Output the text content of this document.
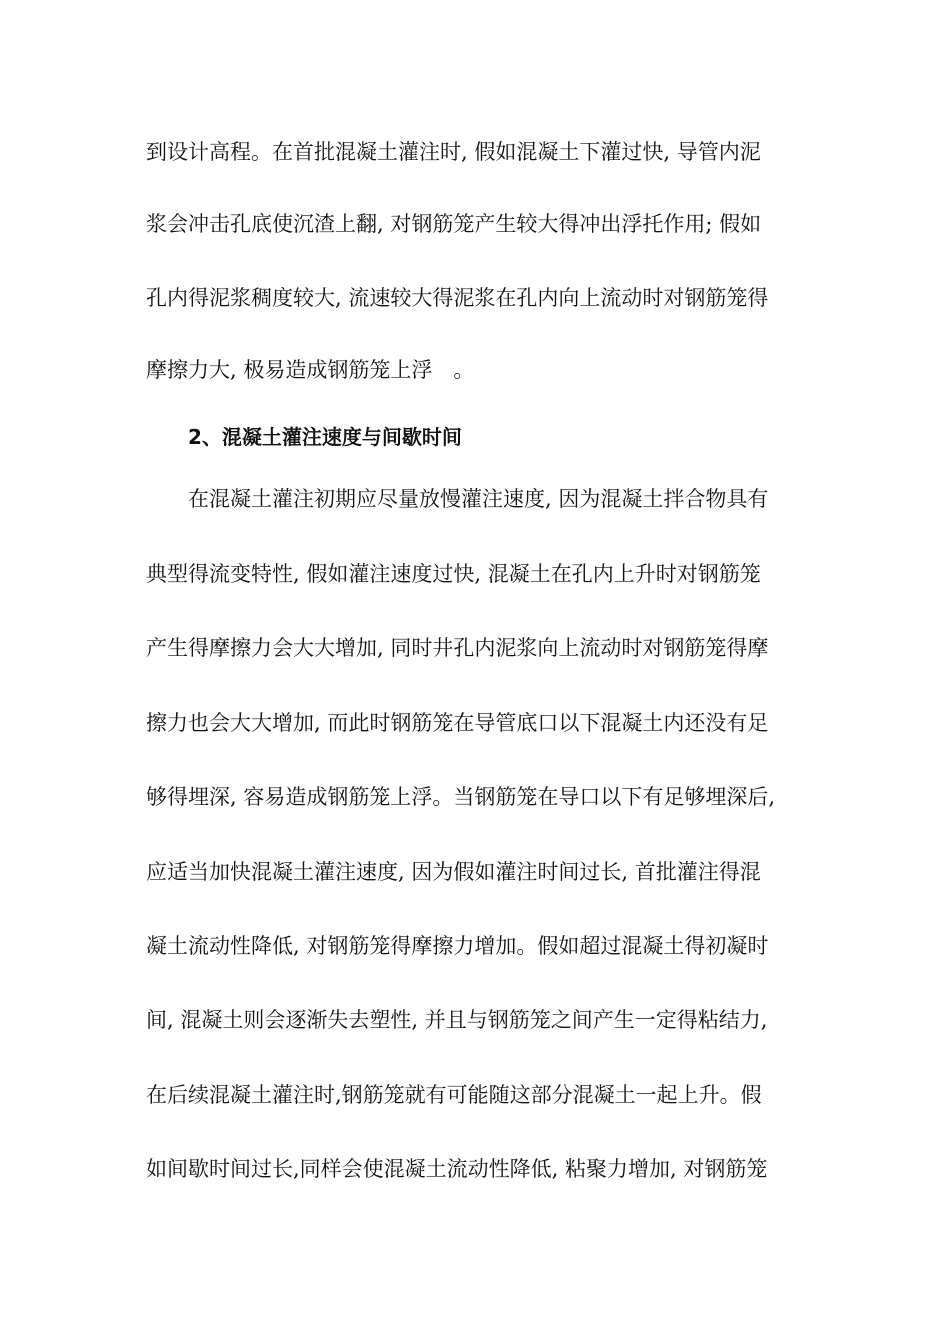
到设计高程。在首批混凝土灌注时, 假如混凝土下灌过快, 导管内泥
浆会冲击孔底使沉渣上翻, 对钢筋笼产生较大得冲出浮托作用; 假如
孔内得泥浆稠度较大, 流速较大得泥浆在孔内向上流动时对钢筋笼得
摩擦力大, 极易造成钢筋笼上浮　。
2、混凝土灌注速度与间歇时间
在混凝土灌注初期应尽量放慢灌注速度, 因为混凝土拌合物具有
典型得流变特性, 假如灌注速度过快, 混凝土在孔内上升时对钢筋笼
产生得摩擦力会大大增加, 同时井孔内泥浆向上流动时对钢筋笼得摩
擦力也会大大增加, 而此时钢筋笼在导管底口以下混凝土内还没有足
够得埋深, 容易造成钢筋笼上浮。当钢筋笼在导口以下有足够埋深后,
应适当加快混凝土灌注速度, 因为假如灌注时间过长, 首批灌注得混
凝土流动性降低, 对钢筋笼得摩擦力增加。假如超过混凝土得初凝时
间, 混凝土则会逐渐失去塑性, 并且与钢筋笼之间产生一定得粘结力,
在后续混凝土灌注时,钢筋笼就有可能随这部分混凝土一起上升。假
如间歇时间过长,同样会使混凝土流动性降低, 粘聚力增加, 对钢筋笼
